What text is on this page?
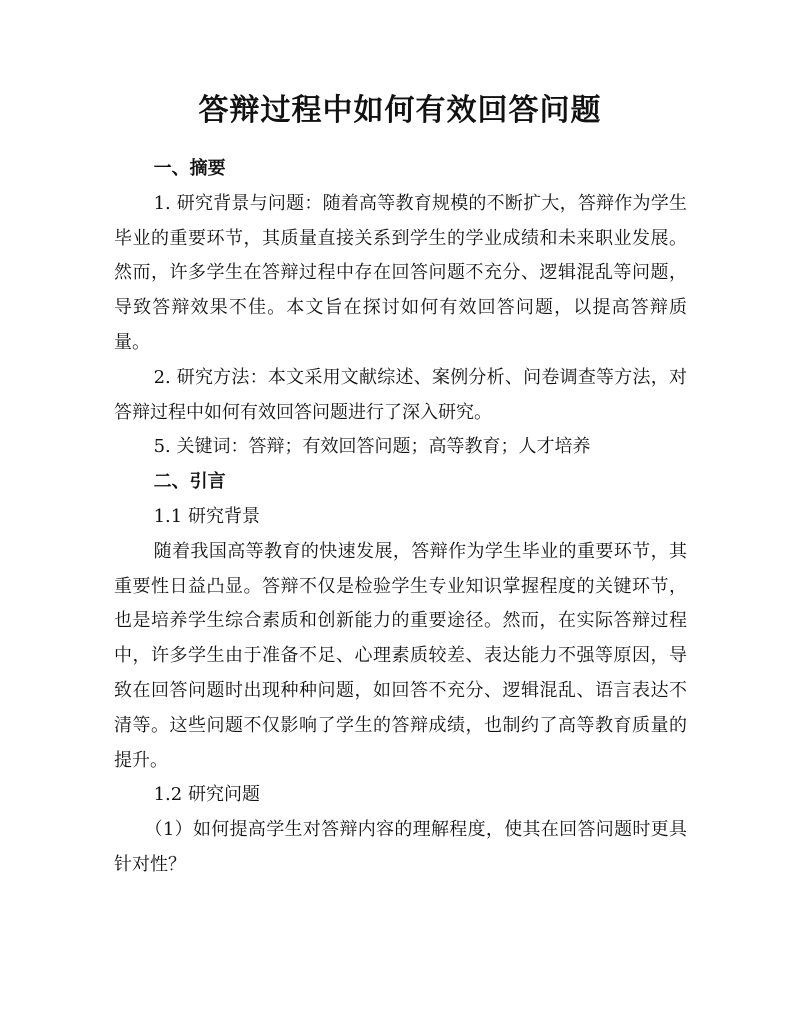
答辩过程中如何有效回答问题
一、摘要

1. 研究背景与问题：随着高等教育规模的不断扩大，答辩作为学生毕业的重要环节，其质量直接关系到学生的学业成绩和未来职业发展。然而，许多学生在答辩过程中存在回答问题不充分、逻辑混乱等问题，导致答辩效果不佳。本文旨在探讨如何有效回答问题，以提高答辩质量。

2. 研究方法：本文采用文献综述、案例分析、问卷调查等方法，对答辩过程中如何有效回答问题进行了深入研究。

5. 关键词：答辩；有效回答问题；高等教育；人才培养

二、引言

1.1 研究背景

随着我国高等教育的快速发展，答辩作为学生毕业的重要环节，其重要性日益凸显。答辩不仅是检验学生专业知识掌握程度的关键环节，也是培养学生综合素质和创新能力的重要途径。然而，在实际答辩过程中，许多学生由于准备不足、心理素质较差、表达能力不强等原因，导致在回答问题时出现种种问题，如回答不充分、逻辑混乱、语言表达不清等。这些问题不仅影响了学生的答辩成绩，也制约了高等教育质量的提升。

1.2 研究问题

（1）如何提高学生对答辩内容的理解程度，使其在回答问题时更具针对性？
